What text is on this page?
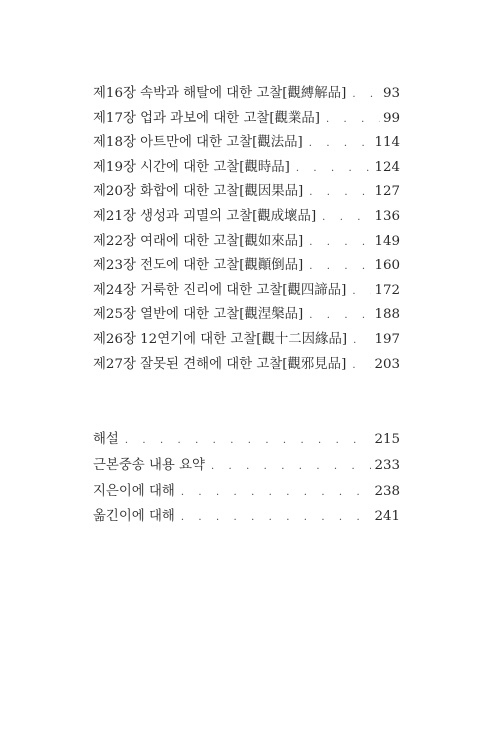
제16장 속박과 해탈에 대한 고찰[觀縛解品] . . .	93
제17장 업과 과보에 대한 고찰[觀業品] . . .	99
제18장 아트만에 대한 고찰[觀法品] . . .	114
제19장 시간에 대한 고찰[觀時品] . . .	124
제20장 화합에 대한 고찰[觀因果品] . . .	127
제21장 생성과 괴멸의 고찰[觀成壞品] . . .	136
제22장 여래에 대한 고찰[觀如來品] . . .	149
제23장 전도에 대한 고찰[觀顚倒品] . . .	160
제24장 거룩한 진리에 대한 고찰[觀四諦品] . . . 172
제25장 열반에 대한 고찰[觀涅槃品] . . .	188
제26장 12연기에 대한 고찰[觀十二因緣品] . . . 197
제27장 잘못된 견해에 대한 고찰[觀邪見品] . . . 203
해설 . . .	215
근본중송 내용 요약 . . .	233
지은이에 대해 . . .	238
옮긴이에 대해 . . .	241
